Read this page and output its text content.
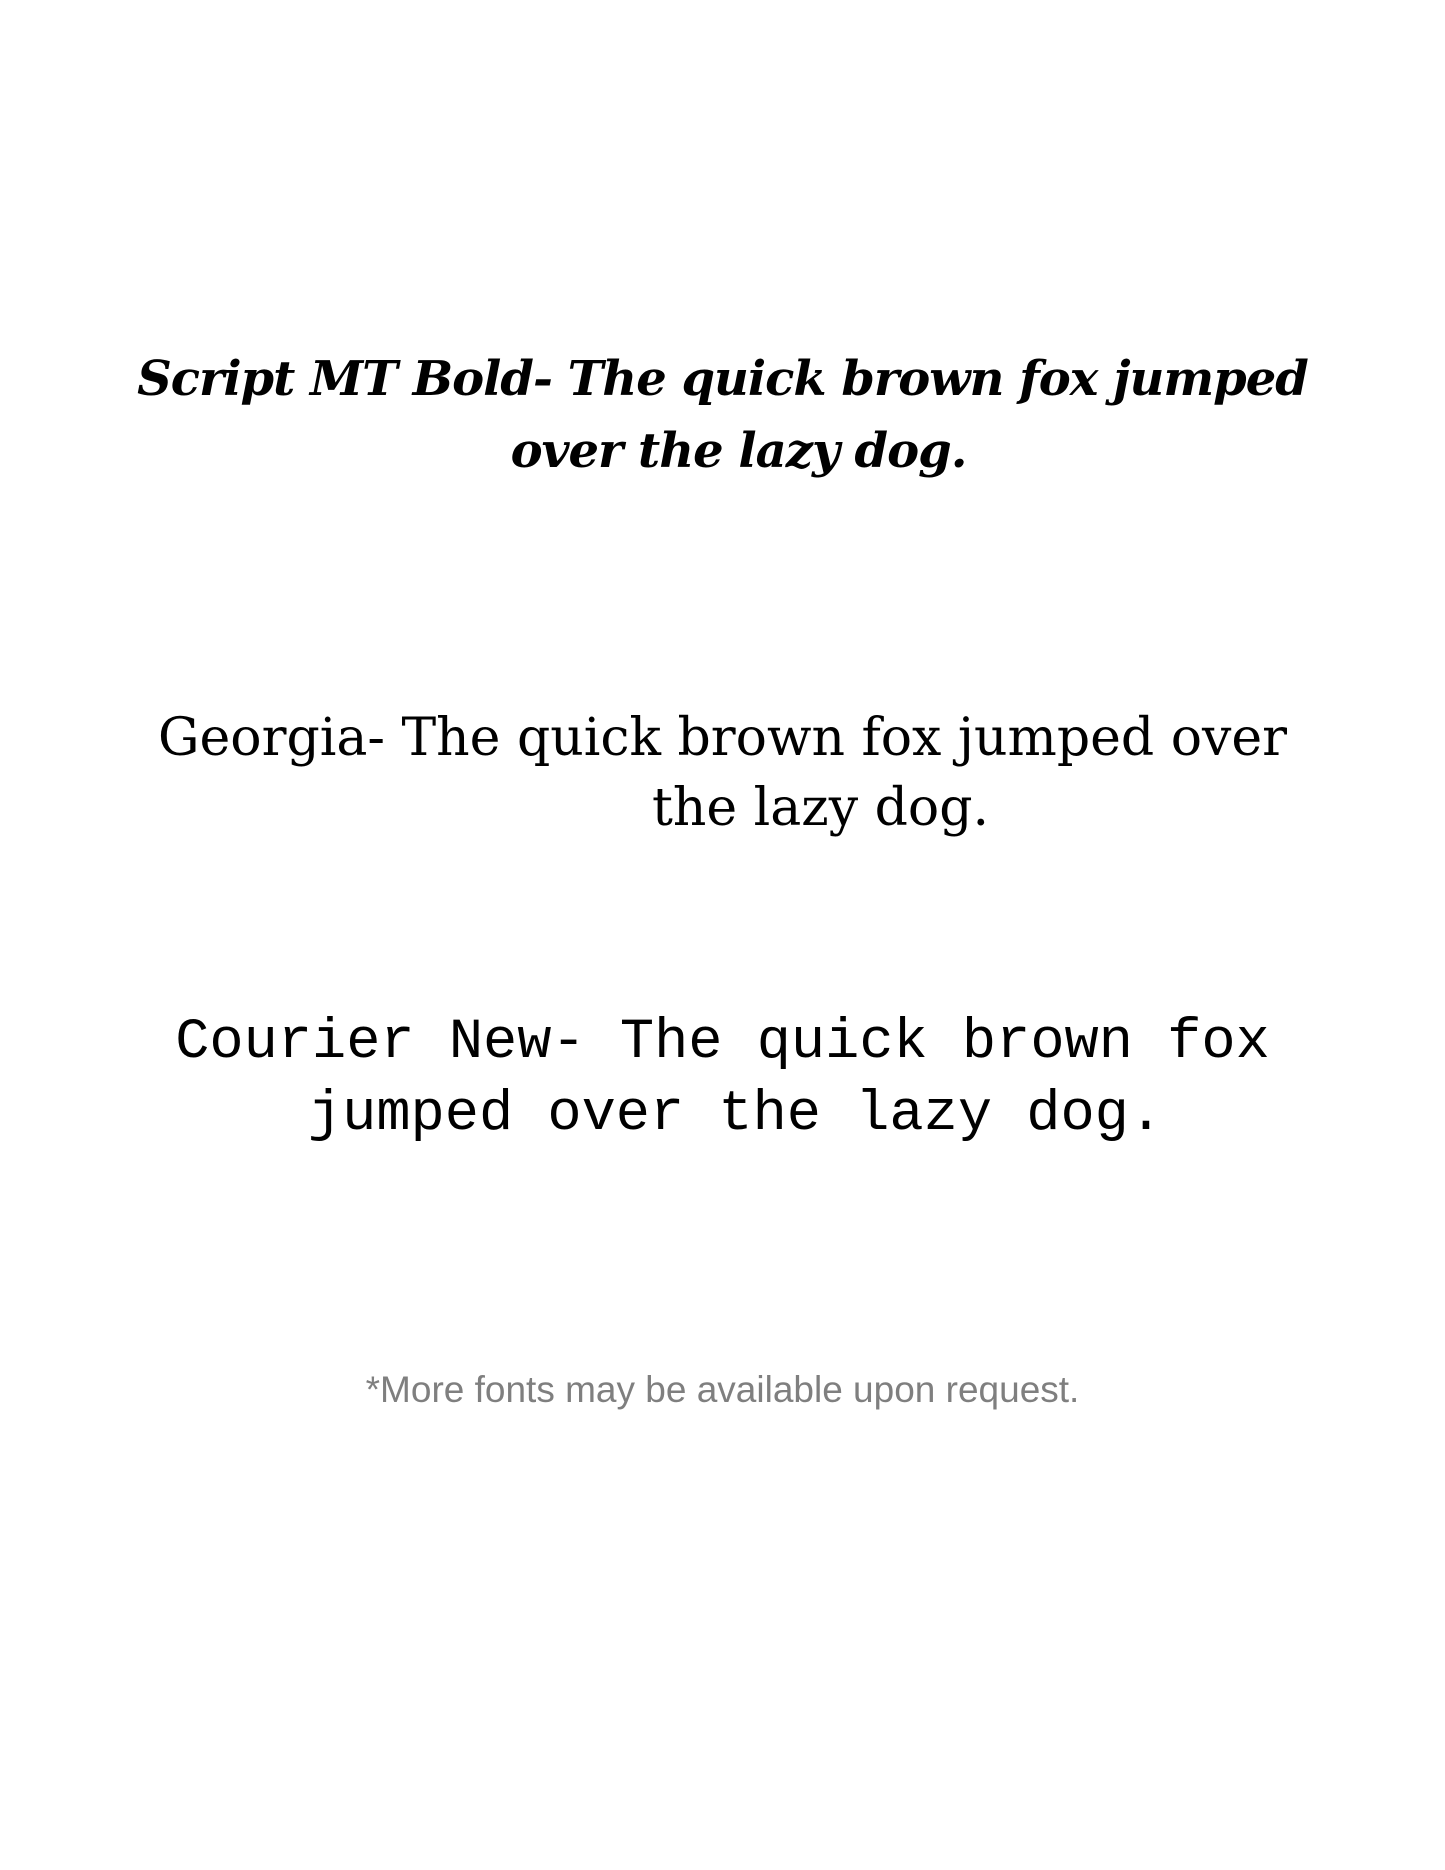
Script MT Bold- The quick brown fox jumped
over the lazy dog.
Georgia- The quick brown fox jumped over
the lazy dog.
Courier New- The quick brown fox
jumped over the lazy dog.

*More fonts may be available upon request.
